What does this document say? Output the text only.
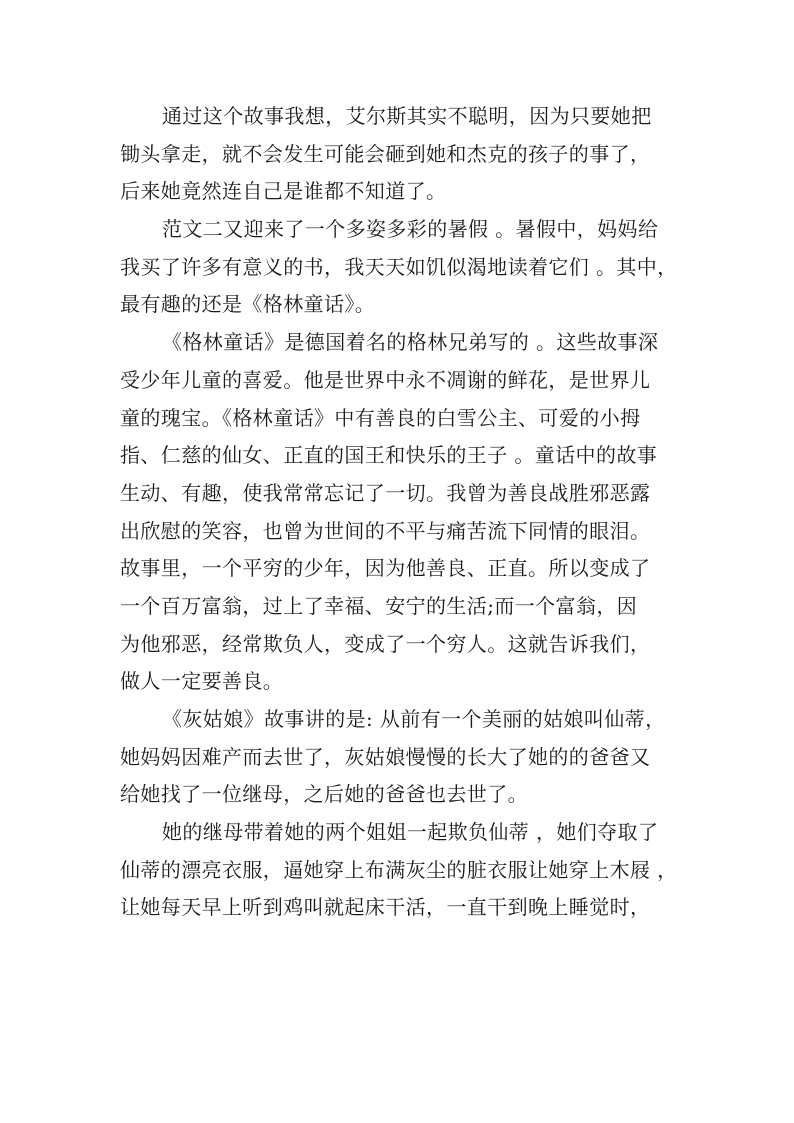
通过这个故事我想，艾尔斯其实不聪明，因为只要她把
锄头拿走，就不会发生可能会砸到她和杰克的孩子的事了，
后来她竟然连自己是谁都不知道了。
范文二又迎来了一个多姿多彩的暑假 。暑假中，妈妈给
我买了许多有意义的书，我天天如饥似渴地读着它们 。其中，
最有趣的还是《格林童话》。
《格林童话》是德国着名的格林兄弟写的 。这些故事深
受少年儿童的喜爱。他是世界中永不凋谢的鲜花，是世界儿
童的瑰宝。《格林童话》中有善良的白雪公主、可爱的小拇
指、仁慈的仙女、正直的国王和快乐的王子 。童话中的故事
生动、有趣，使我常常忘记了一切。我曾为善良战胜邪恶露
出欣慰的笑容，也曾为世间的不平与痛苦流下同情的眼泪。
故事里，一个平穷的少年，因为他善良、正直。所以变成了
一个百万富翁，过上了幸福、安宁的生活;而一个富翁，因
为他邪恶，经常欺负人，变成了一个穷人。这就告诉我们，
做人一定要善良。
《灰姑娘》故事讲的是: 从前有一个美丽的姑娘叫仙蒂，
她妈妈因难产而去世了，灰姑娘慢慢的长大了她的的爸爸又
给她找了一位继母，之后她的爸爸也去世了。
她的继母带着她的两个姐姐一起欺负仙蒂 ，她们夺取了
仙蒂的漂亮衣服，逼她穿上布满灰尘的脏衣服让她穿上木屐 ，
让她每天早上听到鸡叫就起床干活，一直干到晚上睡觉时，
